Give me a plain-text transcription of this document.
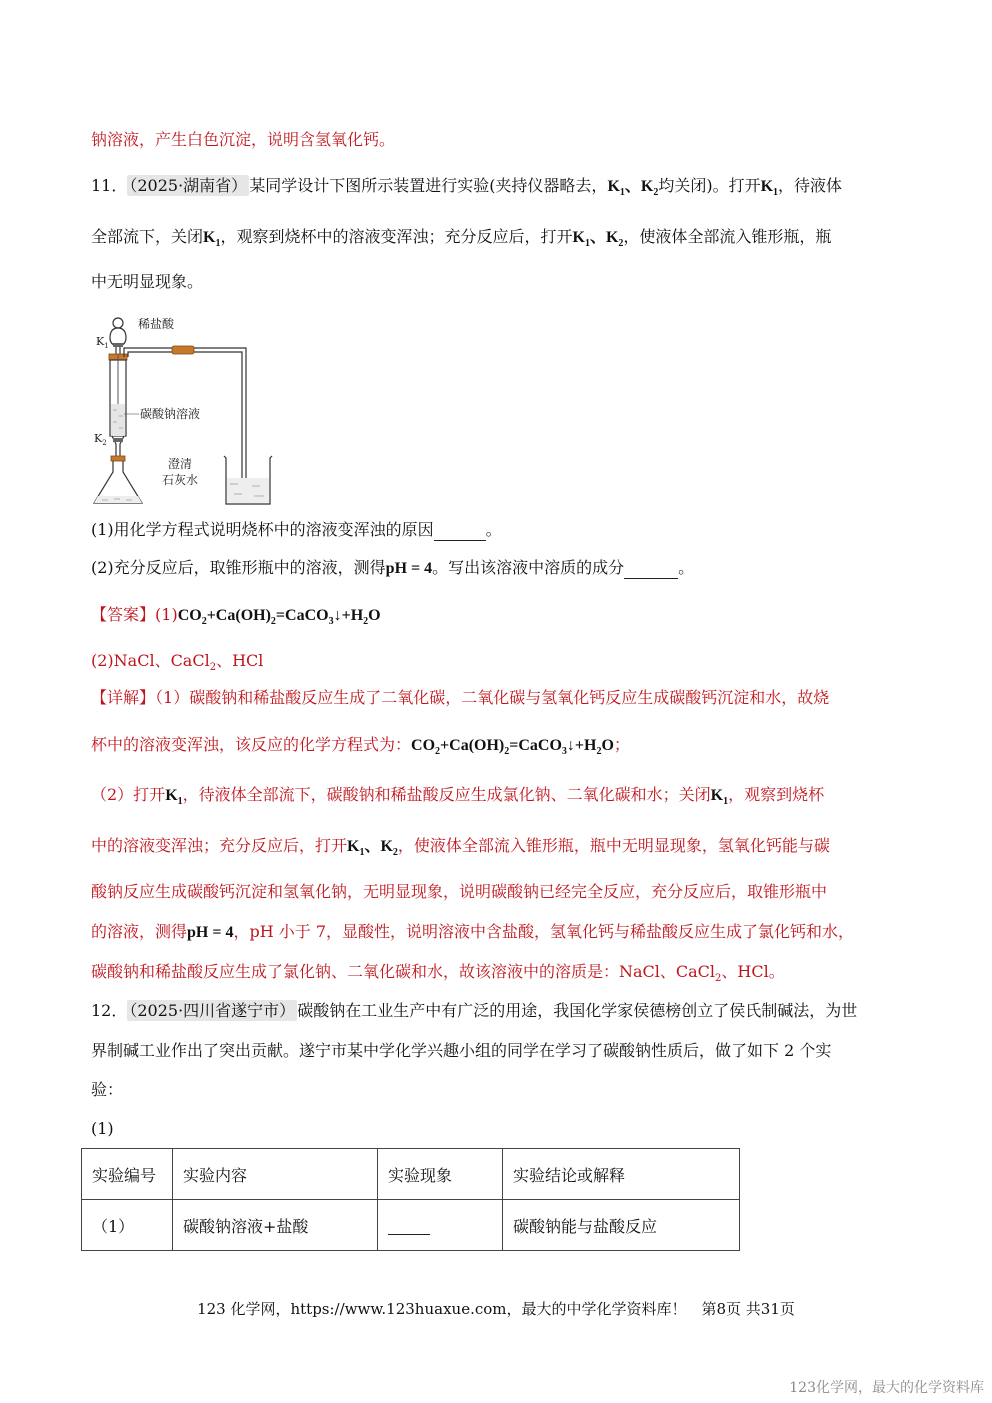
钠溶液，产生白色沉淀，说明含氢氧化钙。
11． （2025·湖南省） 某同学设计下图所示装置进行实验(夹持仪器略去，$K_1$、$K_2$均关闭)。打开$K_1$，待液体
全部流下，关闭$K_1$，观察到烧杯中的溶液变浑浊；充分反应后，打开$K_1$、$K_2$，使液体全部流入锥形瓶，瓶
中无明显现象。
稀盐酸
$K_1$
碳酸钠溶液
$K_2$
澄清
石灰水
(1)用化学方程式说明烧杯中的溶液变浑浊的原因	。
(2)充分反应后，取锥形瓶中的溶液，测得pH = 4。写出该溶液中溶质的成分	。
【答案】$(1)CO_2+Ca(OH)_2=CaCO_3↓+H_2O$
(2)NaCl、CaCl$_2$、HCl
【详解】（1）碳酸钠和稀盐酸反应生成了二氧化碳，二氧化碳与氢氧化钙反应生成碳酸钙沉淀和水，故烧
杯中的溶液变浑浊，该反应的化学方程式为：$CO_2+Ca(OH)_2=CaCO_3↓+H_2O$；
（2）打开$K_1$，待液体全部流下，碳酸钠和稀盐酸反应生成氯化钠、二氧化碳和水；关闭$K_1$，观察到烧杯
中的溶液变浑浊；充分反应后，打开$K_1$、$K_2$，使液体全部流入锥形瓶，瓶中无明显现象，氢氧化钙能与碳
酸钠反应生成碳酸钙沉淀和氢氧化钠，无明显现象，说明碳酸钠已经完全反应，充分反应后，取锥形瓶中
的溶液，测得pH = 4，pH 小于 7，显酸性，说明溶液中含盐酸，氢氧化钙与稀盐酸反应生成了氯化钙和水，
碳酸钠和稀盐酸反应生成了氯化钠、二氧化碳和水，故该溶液中的溶质是：NaCl、CaCl$_2$、HCl。
12． （2025·四川省遂宁市） 碳酸钠在工业生产中有广泛的用途，我国化学家侯德榜创立了侯氏制碱法，为世
界制碱工业作出了突出贡献。遂宁市某中学化学兴趣小组的同学在学习了碳酸钠性质后，做了如下 2 个实
验：
(1)
实验编号	实验内容	实验现象	实验结论或解释
（1）	碳酸钠溶液+盐酸		碳酸钠能与盐酸反应
123 化学网，https://www.123huaxue.com，最大的中学化学资料库！　第8页 共31页
123化学网，最大的化学资料库
